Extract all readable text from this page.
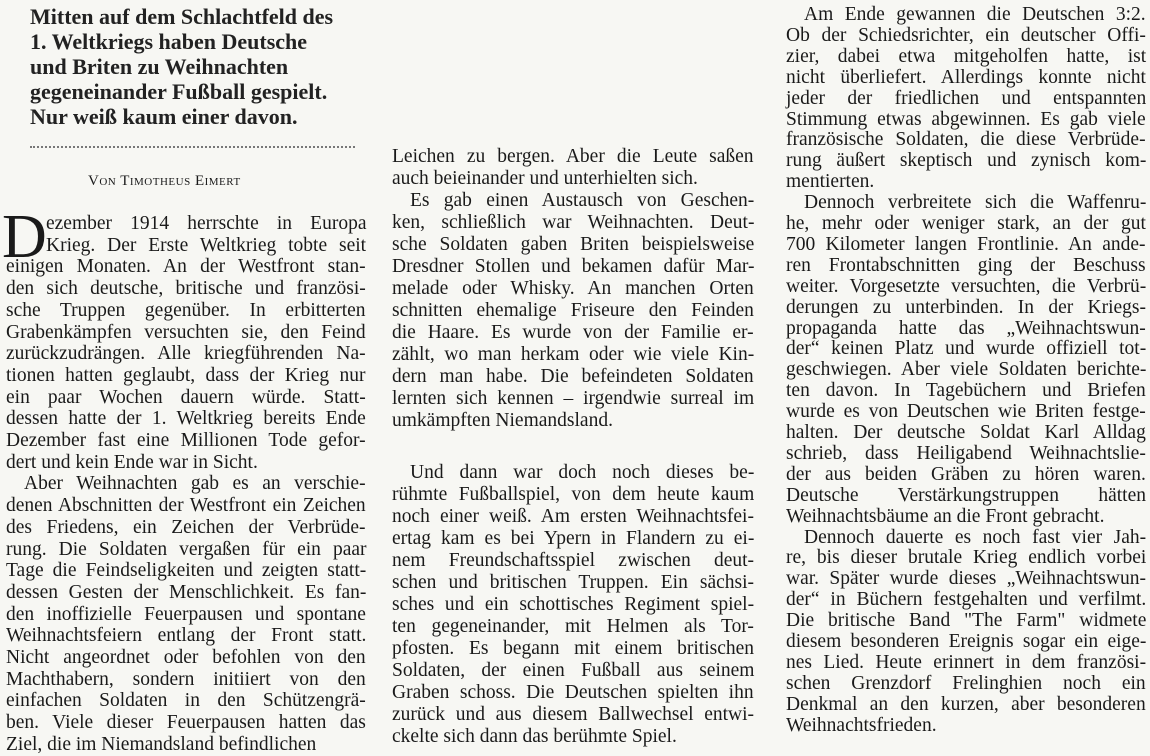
Mitten auf dem Schlachtfeld des
1. Weltkriegs haben Deutsche
und Briten zu Weihnachten
gegeneinander Fußball gespielt.
Nur weiß kaum einer davon.
Von Timotheus Eimert
D ezember 1914 herrschte in Europa
Krieg. Der Erste Weltkrieg tobte seit
einigen Monaten. An der Westfront stan-
den sich deutsche, britische und französi-
sche Truppen gegenüber. In erbitterten
Grabenkämpfen versuchten sie, den Feind
zurückzudrängen. Alle kriegführenden Na-
tionen hatten geglaubt, dass der Krieg nur
ein paar Wochen dauern würde. Statt-
dessen hatte der 1. Weltkrieg bereits Ende
Dezember fast eine Millionen Tode gefor-
dert und kein Ende war in Sicht.
Aber Weihnachten gab es an verschie-
denen Abschnitten der Westfront ein Zeichen
des Friedens, ein Zeichen der Verbrüde-
rung. Die Soldaten vergaßen für ein paar
Tage die Feindseligkeiten und zeigten statt-
dessen Gesten der Menschlichkeit. Es fan-
den inoffizielle Feuerpausen und spontane
Weihnachtsfeiern entlang der Front statt.
Nicht angeordnet oder befohlen von den
Machthabern, sondern initiiert von den
einfachen Soldaten in den Schützengrä-
ben. Viele dieser Feuerpausen hatten das
Ziel, die im Niemandsland befindlichen
Leichen zu bergen. Aber die Leute saßen
auch beieinander und unterhielten sich.
Es gab einen Austausch von Geschen-
ken, schließlich war Weihnachten. Deut-
sche Soldaten gaben Briten beispielsweise
Dresdner Stollen und bekamen dafür Mar-
melade oder Whisky. An manchen Orten
schnitten ehemalige Friseure den Feinden
die Haare. Es wurde von der Familie er-
zählt, wo man herkam oder wie viele Kin-
dern man habe. Die befeindeten Soldaten
lernten sich kennen – irgendwie surreal im
umkämpften Niemandsland.
Und dann war doch noch dieses be-
rühmte Fußballspiel, von dem heute kaum
noch einer weiß. Am ersten Weihnachtsfei-
ertag kam es bei Ypern in Flandern zu ei-
nem Freundschaftsspiel zwischen deut-
schen und britischen Truppen. Ein sächsi-
sches und ein schottisches Regiment spiel-
ten gegeneinander, mit Helmen als Tor-
pfosten. Es begann mit einem britischen
Soldaten, der einen Fußball aus seinem
Graben schoss. Die Deutschen spielten ihn
zurück und aus diesem Ballwechsel entwi-
ckelte sich dann das berühmte Spiel.
Am Ende gewannen die Deutschen 3:2.
Ob der Schiedsrichter, ein deutscher Offi-
zier, dabei etwa mitgeholfen hatte, ist
nicht überliefert. Allerdings konnte nicht
jeder der friedlichen und entspannten
Stimmung etwas abgewinnen. Es gab viele
französische Soldaten, die diese Verbrüde-
rung äußert skeptisch und zynisch kom-
mentierten.
Dennoch verbreitete sich die Waffenru-
he, mehr oder weniger stark, an der gut
700 Kilometer langen Frontlinie. An ande-
ren Frontabschnitten ging der Beschuss
weiter. Vorgesetzte versuchten, die Verbrü-
derungen zu unterbinden. In der Kriegs-
propaganda hatte das „Weihnachtswun-
der“ keinen Platz und wurde offiziell tot-
geschwiegen. Aber viele Soldaten berichte-
ten davon. In Tagebüchern und Briefen
wurde es von Deutschen wie Briten festge-
halten. Der deutsche Soldat Karl Alldag
schrieb, dass Heiligabend Weihnachtslie-
der aus beiden Gräben zu hören waren.
Deutsche Verstärkungstruppen hätten
Weihnachtsbäume an die Front gebracht.
Dennoch dauerte es noch fast vier Jah-
re, bis dieser brutale Krieg endlich vorbei
war. Später wurde dieses „Weihnachtswun-
der“ in Büchern festgehalten und verfilmt.
Die britische Band "The Farm" widmete
diesem besonderen Ereignis sogar ein eige-
nes Lied. Heute erinnert in dem französi-
schen Grenzdorf Frelinghien noch ein
Denkmal an den kurzen, aber besonderen
Weihnachtsfrieden.
